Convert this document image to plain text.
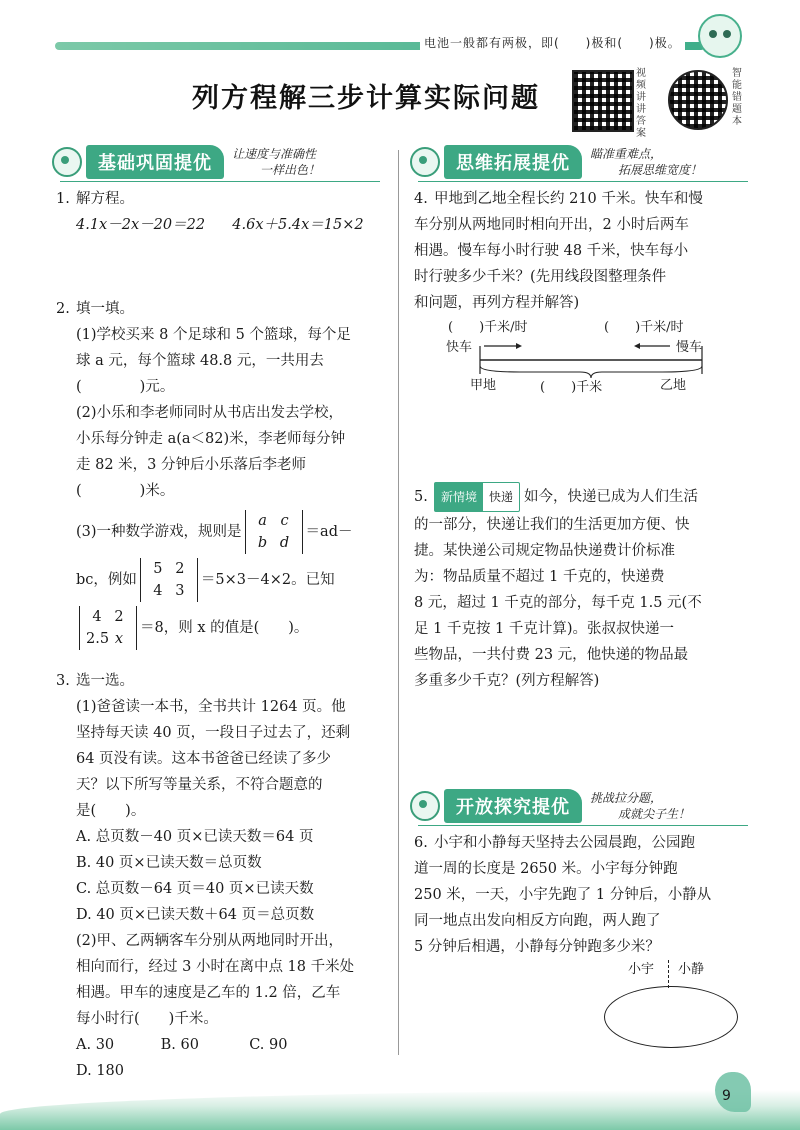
电池一般都有两极，即(　　)极和(　　)极。
列方程解三步计算实际问题
视频讲讲答案
智能错题本
基础巩固提优	让速度与准确性
一样出色！

1. 解方程。

4.1x－2x－20＝22 4.6x＋5.4x＝15×2

2. 填一填。

(1)学校买来 8 个足球和 5 个篮球，每个足

球 a 元，每个篮球 48.8 元，一共用去

(　　　　)元。

(2)小乐和李老师同时从书店出发去学校，

小乐每分钟走 a(a＜82)米，李老师每分钟

走 82 米，3 分钟后小乐落后李老师

(　　　　)米。

(3)一种数学游戏，规则是a c
b d＝ad－

bc，例如5 2
4 3＝5×3－4×2。已知

4 2
2.5 x＝8，则 x 的值是(　　)。

3. 选一选。

(1)爸爸读一本书，全书共计 1264 页。他

坚持每天读 40 页，一段日子过去了，还剩

64 页没有读。这本书爸爸已经读了多少

天？以下所写等量关系，不符合题意的

是(　　)。

A. 总页数－40 页×已读天数＝64 页

B. 40 页×已读天数＝总页数

C. 总页数－64 页＝40 页×已读天数

D. 40 页×已读天数＋64 页＝总页数

(2)甲、乙两辆客车分别从两地同时开出，

相向而行，经过 3 小时在离中点 18 千米处

相遇。甲车的速度是乙车的 1.2 倍，乙车

每小时行(　　)千米。

A. 30	B. 60	C. 90 D. 180

思维拓展提优	瞄准重难点，
拓展思维宽度！

4. 甲地到乙地全程长约 210 千米。快车和慢

车分别从两地同时相向开出，2 小时后两车

相遇。慢车每小时行驶 48 千米，快车每小

时行驶多少千米？(先用线段图整理条件

和问题，再列方程并解答)

(　　)千米/时	(　　)千米/时
快车	慢车
甲地	(　　)千米	乙地

5. 新情境 快递 如今，快递已成为人们生活

的一部分，快递让我们的生活更加方便、快

捷。某快递公司规定物品快递费计价标准

为：物品质量不超过 1 千克的，快递费

8 元，超过 1 千克的部分，每千克 1.5 元(不

足 1 千克按 1 千克计算)。张叔叔快递一

些物品，一共付费 23 元，他快递的物品最

多重多少千克？(列方程解答)

开放探究提优	挑战拉分题，
成就尖子生！

6. 小宇和小静每天坚持去公园晨跑，公园跑

道一周的长度是 2650 米。小宇每分钟跑

250 米，一天，小宇先跑了 1 分钟后，小静从

同一地点出发向相反方向跑，两人跑了

5 分钟后相遇，小静每分钟跑多少米？

小宇 小静
9
